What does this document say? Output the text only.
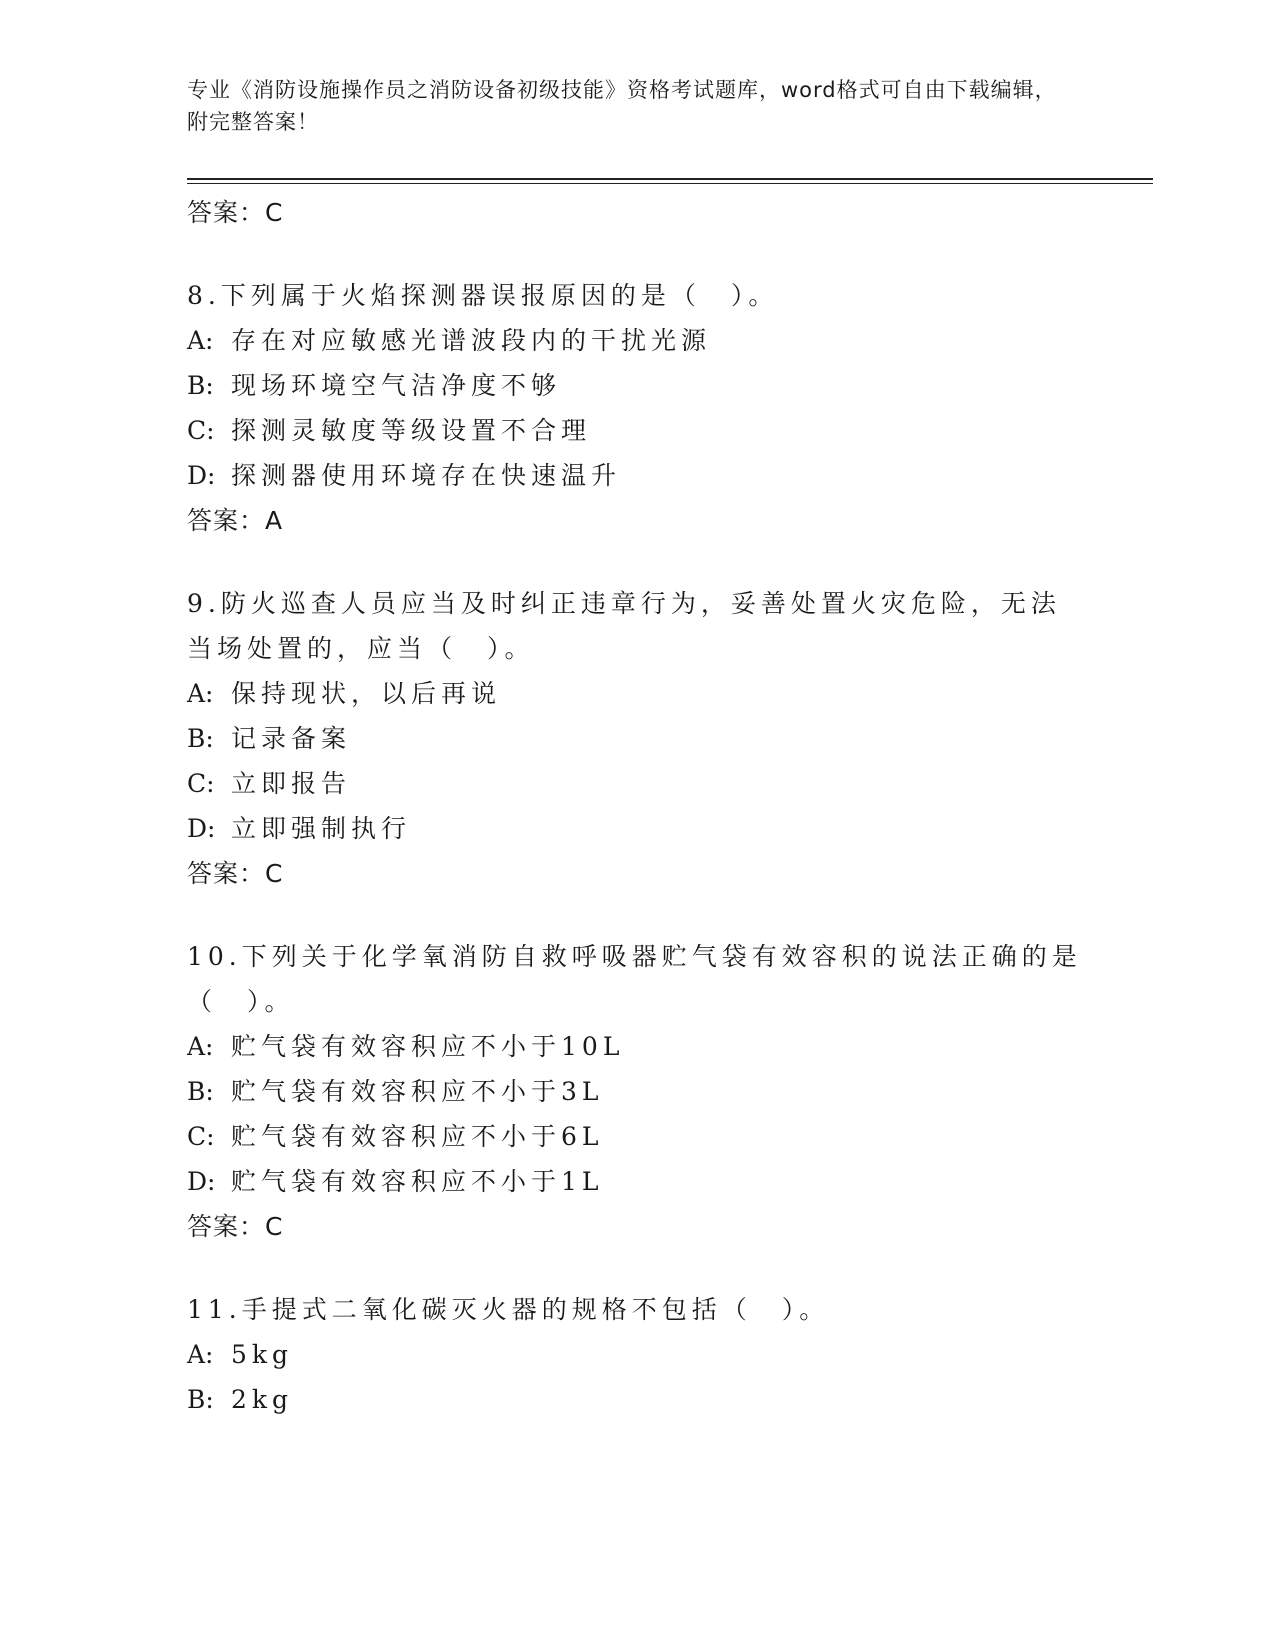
专业《消防设施操作员之消防设备初级技能》资格考试题库，word格式可自由下载编辑，附完整答案！
答案：C
8.下列属于火焰探测器误报原因的是（　）。
A: 存在对应敏感光谱波段内的干扰光源
B: 现场环境空气洁净度不够
C: 探测灵敏度等级设置不合理
D: 探测器使用环境存在快速温升
答案：A
9.防火巡查人员应当及时纠正违章行为，妥善处置火灾危险，无法当场处置的，应当（　）。
A: 保持现状，以后再说
B: 记录备案
C: 立即报告
D: 立即强制执行
答案：C
10.下列关于化学氧消防自救呼吸器贮气袋有效容积的说法正确的是（　）。
A: 贮气袋有效容积应不小于10L
B: 贮气袋有效容积应不小于3L
C: 贮气袋有效容积应不小于6L
D: 贮气袋有效容积应不小于1L
答案：C
11.手提式二氧化碳灭火器的规格不包括（　）。
A: 5kg
B: 2kg
